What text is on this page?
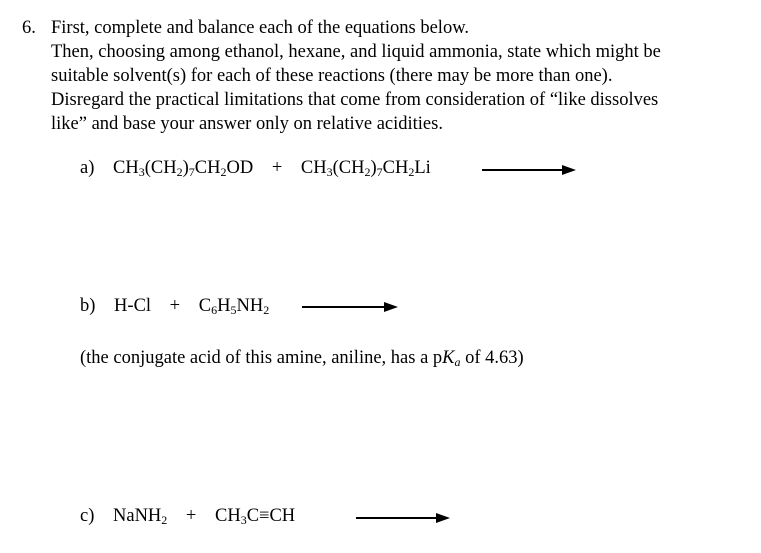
6. First, complete and balance each of the equations below.
Then, choosing among ethanol, hexane, and liquid ammonia, state which might be
suitable solvent(s) for each of these reactions (there may be more than one).
Disregard the practical limitations that come from consideration of “like dissolves
like” and base your answer only on relative acidities.
a) $CH_3(CH_2)_7CH_2OD + CH_3(CH_2)_7CH_2Li$
b) $H-Cl + C_6H_5NH_2$
(the conjugate acid of this amine, aniline, has a $pK_a$ of 4.63)
c) NaNH$_2$ + $CH_3C\equiv CH$
